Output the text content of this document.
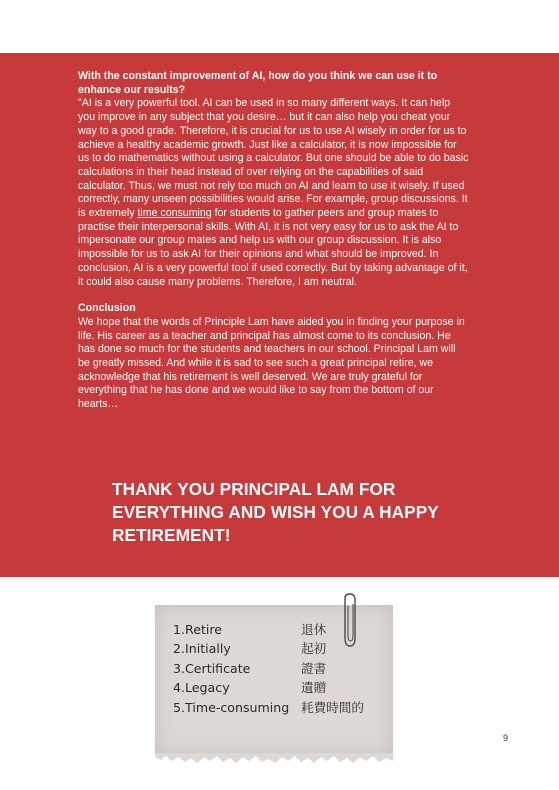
With the constant improvement of AI, how do you think we can use it to enhance our results?

"AI is a very powerful tool. AI can be used in so many different ways. It can help you improve in any subject that you desire… but it can also help you cheat your way to a good grade. Therefore, it is crucial for us to use AI wisely in order for us to achieve a healthy academic growth. Just like a calculator, it is now impossible for us to do mathematics without using a calculator. But one should be able to do basic calculations in their head instead of over relying on the capabilities of said calculator. Thus, we must not rely too much on AI and learn to use it wisely. If used correctly, many unseen possibilities would arise. For example, group discussions. It is extremely time consuming for students to gather peers and group mates to practise their interpersonal skills. With AI, it is not very easy for us to ask the AI to impersonate our group mates and help us with our group discussion. It is also impossible for us to ask AI for their opinions and what should be improved. In conclusion, AI is a very powerful tool if used correctly. But by taking advantage of it, it could also cause many problems. Therefore, I am neutral.

Conclusion

We hope that the words of Principle Lam have aided you in finding your purpose in life. His career as a teacher and principal has almost come to its conclusion. He has done so much for the students and teachers in our school. Principal Lam will be greatly missed. And while it is sad to see such a great principal retire, we acknowledge that his retirement is well deserved. We are truly grateful for everything that he has done and we would like to say from the bottom of our hearts…

THANK YOU PRINCIPAL LAM FOR EVERYTHING AND WISH YOU A HAPPY RETIREMENT!
1.Retire	退休
2.Initially	起初
3.Certificate	證書
4.Legacy	遺贈
5.Time-consuming 耗費時間的
9
